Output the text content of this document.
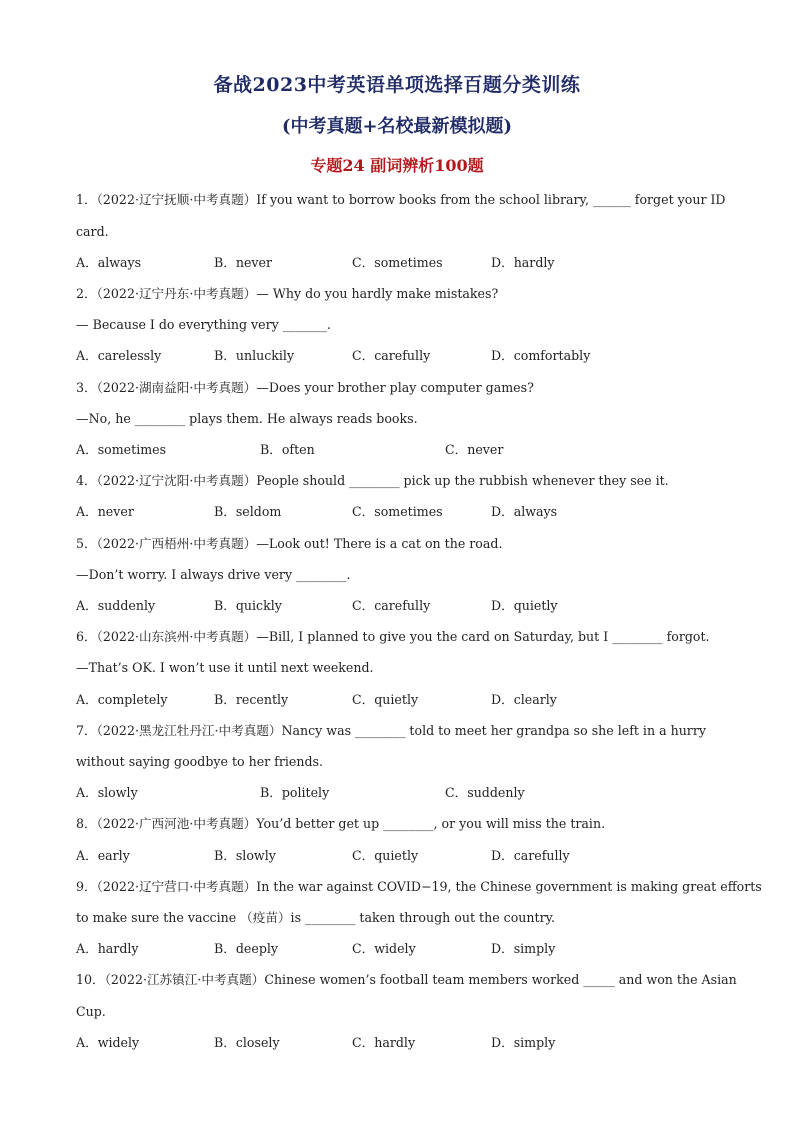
备战2023中考英语单项选择百题分类训练
(中考真题+名校最新模拟题)
专题24 副词辨析100题
1．（2022·辽宁抚顺·中考真题）If you want to borrow books from the school library, ______ forget your ID
card.
A．always	B．never	C．sometimes	D．hardly
2．（2022·辽宁丹东·中考真题）— Why do you hardly make mistakes?
— Because I do everything very _______.
A．carelessly	B．unluckily	C．carefully	D．comfortably
3．（2022·湖南益阳·中考真题）—Does your brother play computer games?
—No, he ________ plays them. He always reads books.
A．sometimes	B．often	C．never
4．（2022·辽宁沈阳·中考真题）People should ________ pick up the rubbish whenever they see it.
A．never	B．seldom	C．sometimes	D．always
5．（2022·广西梧州·中考真题）—Look out! There is a cat on the road.
—Don’t worry. I always drive very ________.
A．suddenly	B．quickly	C．carefully	D．quietly
6．（2022·山东滨州·中考真题）—Bill, I planned to give you the card on Saturday, but I ________ forgot.
—That’s OK. I won’t use it until next weekend.
A．completely	B．recently	C．quietly	D．clearly
7．（2022·黑龙江牡丹江·中考真题）Nancy was ________ told to meet her grandpa so she left in a hurry
without saying goodbye to her friends.
A．slowly	B．politely	C．suddenly
8．（2022·广西河池·中考真题）You’d better get up ________, or you will miss the train.
A．early	B．slowly	C．quietly	D．carefully
9．（2022·辽宁营口·中考真题）In the war against COVID−19, the Chinese government is making great efforts
to make sure the vaccine （疫苗）is ________ taken through out the country.
A．hardly	B．deeply	C．widely	D．simply
10．（2022·江苏镇江·中考真题）Chinese women’s football team members worked _____ and won the Asian
Cup.
A．widely	B．closely	C．hardly	D．simply
